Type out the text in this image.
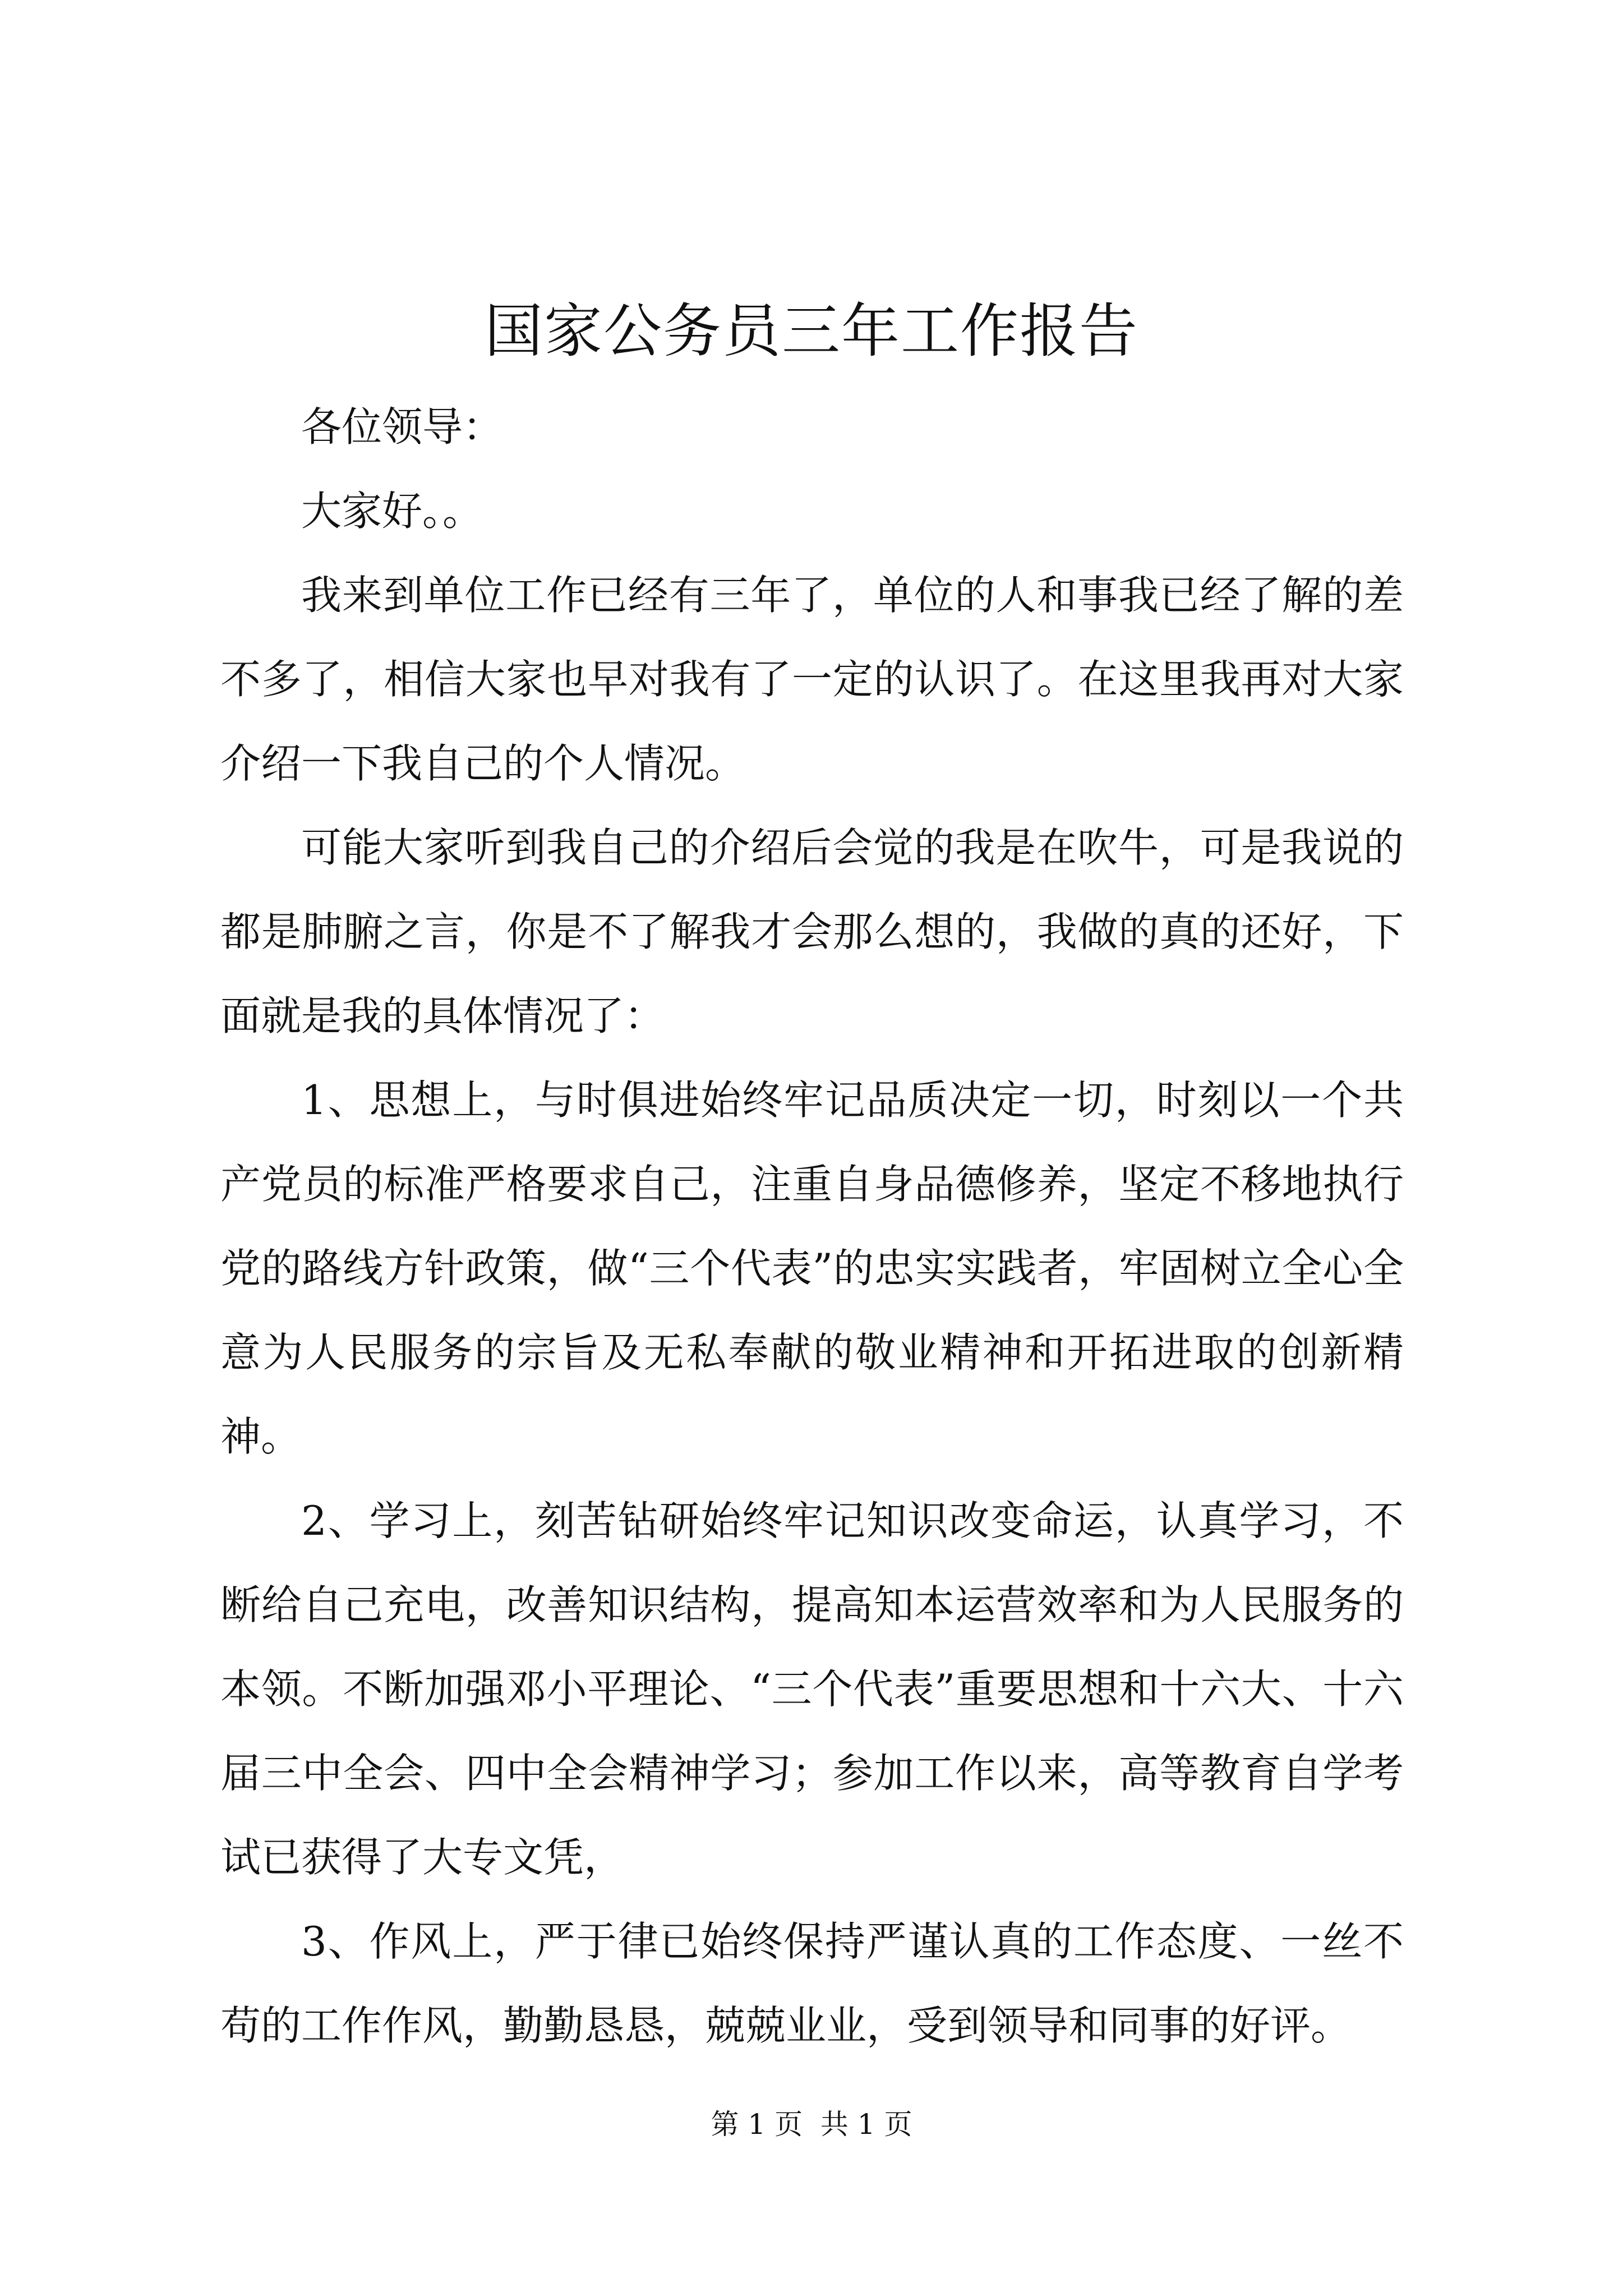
国家公务员三年工作报告

各位领导：

大家好。。

我来到单位工作已经有三年了，单位的人和事我已经了解的差不多了，相信大家也早对我有了一定的认识了。在这里我再对大家介绍一下我自己的个人情况。

可能大家听到我自己的介绍后会觉的我是在吹牛，可是我说的都是肺腑之言，你是不了解我才会那么想的，我做的真的还好，下面就是我的具体情况了：

1、思想上，与时俱进始终牢记品质决定一切，时刻以一个共产党员的标准严格要求自己，注重自身品德修养，坚定不移地执行党的路线方针政策，做“三个代表”的忠实实践者，牢固树立全心全意为人民服务的宗旨及无私奉献的敬业精神和开拓进取的创新精神。

2、学习上，刻苦钻研始终牢记知识改变命运，认真学习，不断给自己充电，改善知识结构，提高知本运营效率和为人民服务的本领。不断加强邓小平理论、“三个代表”重要思想和十六大、十六届三中全会、四中全会精神学习；参加工作以来，高等教育自学考试已获得了大专文凭，

3、作风上，严于律已始终保持严谨认真的工作态度、一丝不苟的工作作风，勤勤恳恳，兢兢业业，受到领导和同事的好评。

第 1 页  共 1 页
